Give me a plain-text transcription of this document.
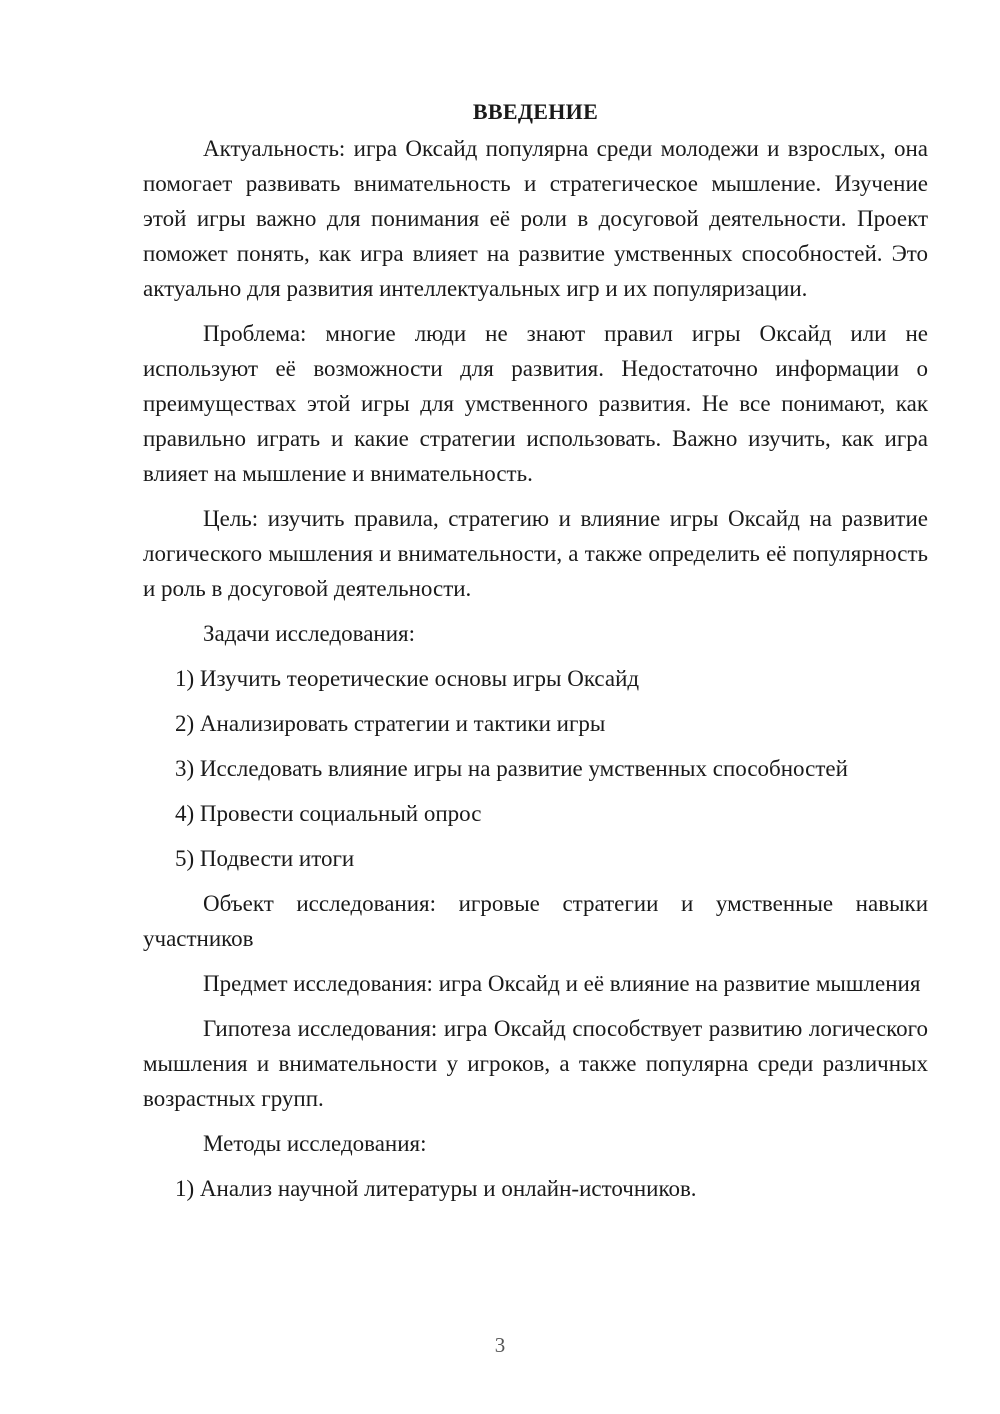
ВВЕДЕНИЕ

Актуальность: игра Оксайд популярна среди молодежи и взрослых, она помогает развивать внимательность и стратегическое мышление. Изучение этой игры важно для понимания её роли в досуговой деятельности. Проект поможет понять, как игра влияет на развитие умственных способностей. Это актуально для развития интеллектуальных игр и их популяризации.

Проблема: многие люди не знают правил игры Оксайд или не используют её возможности для развития. Недостаточно информации о преимуществах этой игры для умственного развития. Не все понимают, как правильно играть и какие стратегии использовать. Важно изучить, как игра влияет на мышление и внимательность.

Цель: изучить правила, стратегию и влияние игры Оксайд на развитие логического мышления и внимательности, а также определить её популярность и роль в досуговой деятельности.

Задачи исследования:

1) Изучить теоретические основы игры Оксайд
2) Анализировать стратегии и тактики игры
3) Исследовать влияние игры на развитие умственных способностей
4) Провести социальный опрос
5) Подвести итоги

Объект исследования: игровые стратегии и умственные навыки участников

Предмет исследования: игра Оксайд и её влияние на развитие мышления

Гипотеза исследования: игра Оксайд способствует развитию логического мышления и внимательности у игроков, а также популярна среди различных возрастных групп.

Методы исследования:

1) Анализ научной литературы и онлайн-источников.
3
